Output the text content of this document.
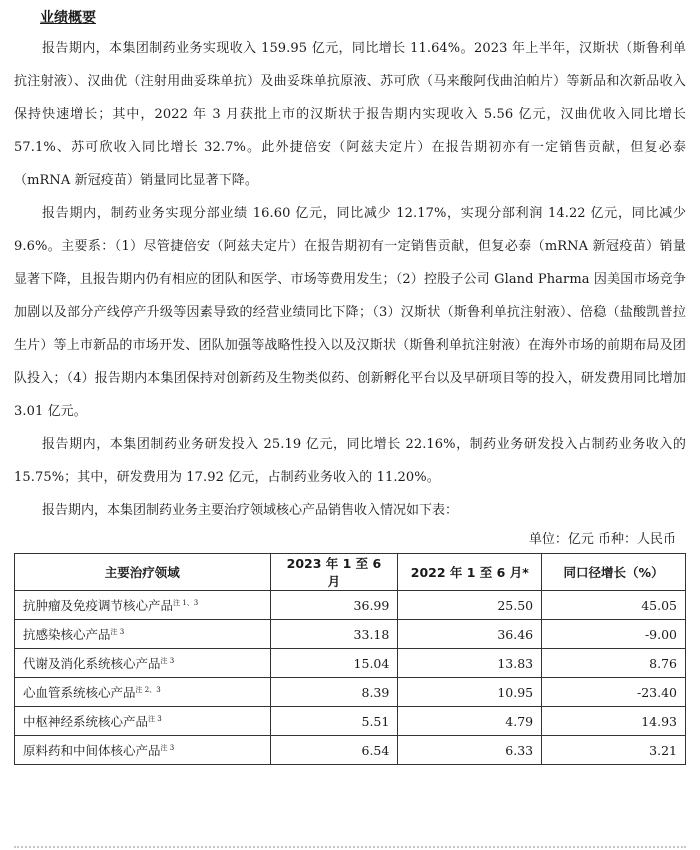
业绩概要

报告期内，本集团制药业务实现收入 159.95 亿元，同比增长 11.64%。2023 年上半年，汉斯状（斯鲁利单抗注射液）、汉曲优（注射用曲妥珠单抗）及曲妥珠单抗原液、苏可欣（马来酸阿伐曲泊帕片）等新品和次新品收入保持快速增长；其中，2022 年 3 月获批上市的汉斯状于报告期内实现收入 5.56 亿元，汉曲优收入同比增长 57.1%、苏可欣收入同比增长 32.7%。此外捷倍安（阿兹夫定片）在报告期初亦有一定销售贡献，但复必泰（mRNA 新冠疫苗）销量同比显著下降。

报告期内，制药业务实现分部业绩 16.60 亿元，同比减少 12.17%，实现分部利润 14.22 亿元，同比减少 9.6%。主要系：（1）尽管捷倍安（阿兹夫定片）在报告期初有一定销售贡献，但复必泰（mRNA 新冠疫苗）销量显著下降，且报告期内仍有相应的团队和医学、市场等费用发生；（2）控股子公司 Gland Pharma 因美国市场竞争加剧以及部分产线停产升级等因素导致的经营业绩同比下降；（3）汉斯状（斯鲁利单抗注射液）、倍稳（盐酸凯普拉生片）等上市新品的市场开发、团队加强等战略性投入以及汉斯状（斯鲁利单抗注射液）在海外市场的前期布局及团队投入；（4）报告期内本集团保持对创新药及生物类似药、创新孵化平台以及早研项目等的投入，研发费用同比增加 3.01 亿元。

报告期内，本集团制药业务研发投入 25.19 亿元，同比增长 22.16%，制药业务研发投入占制药业务收入的 15.75%；其中，研发费用为 17.92 亿元，占制药业务收入的 11.20%。

报告期内，本集团制药业务主要治疗领域核心产品销售收入情况如下表：

单位：亿元 币种：人民币
主要治疗领域	2023 年 1 至 6 月	2022 年 1 至 6 月*	同口径增长（%）
抗肿瘤及免疫调节核心产品$^{注 1、3}$	36.99	25.50	45.05
抗感染核心产品$^{注 3}$	33.18	36.46	-9.00
代谢及消化系统核心产品$^{注 3}$	15.04	13.83	8.76
心血管系统核心产品$^{注 2、3}$	8.39	10.95	-23.40
中枢神经系统核心产品$^{注 3}$	5.51	4.79	14.93
原料药和中间体核心产品$^{注 3}$	6.54	6.33	3.21
